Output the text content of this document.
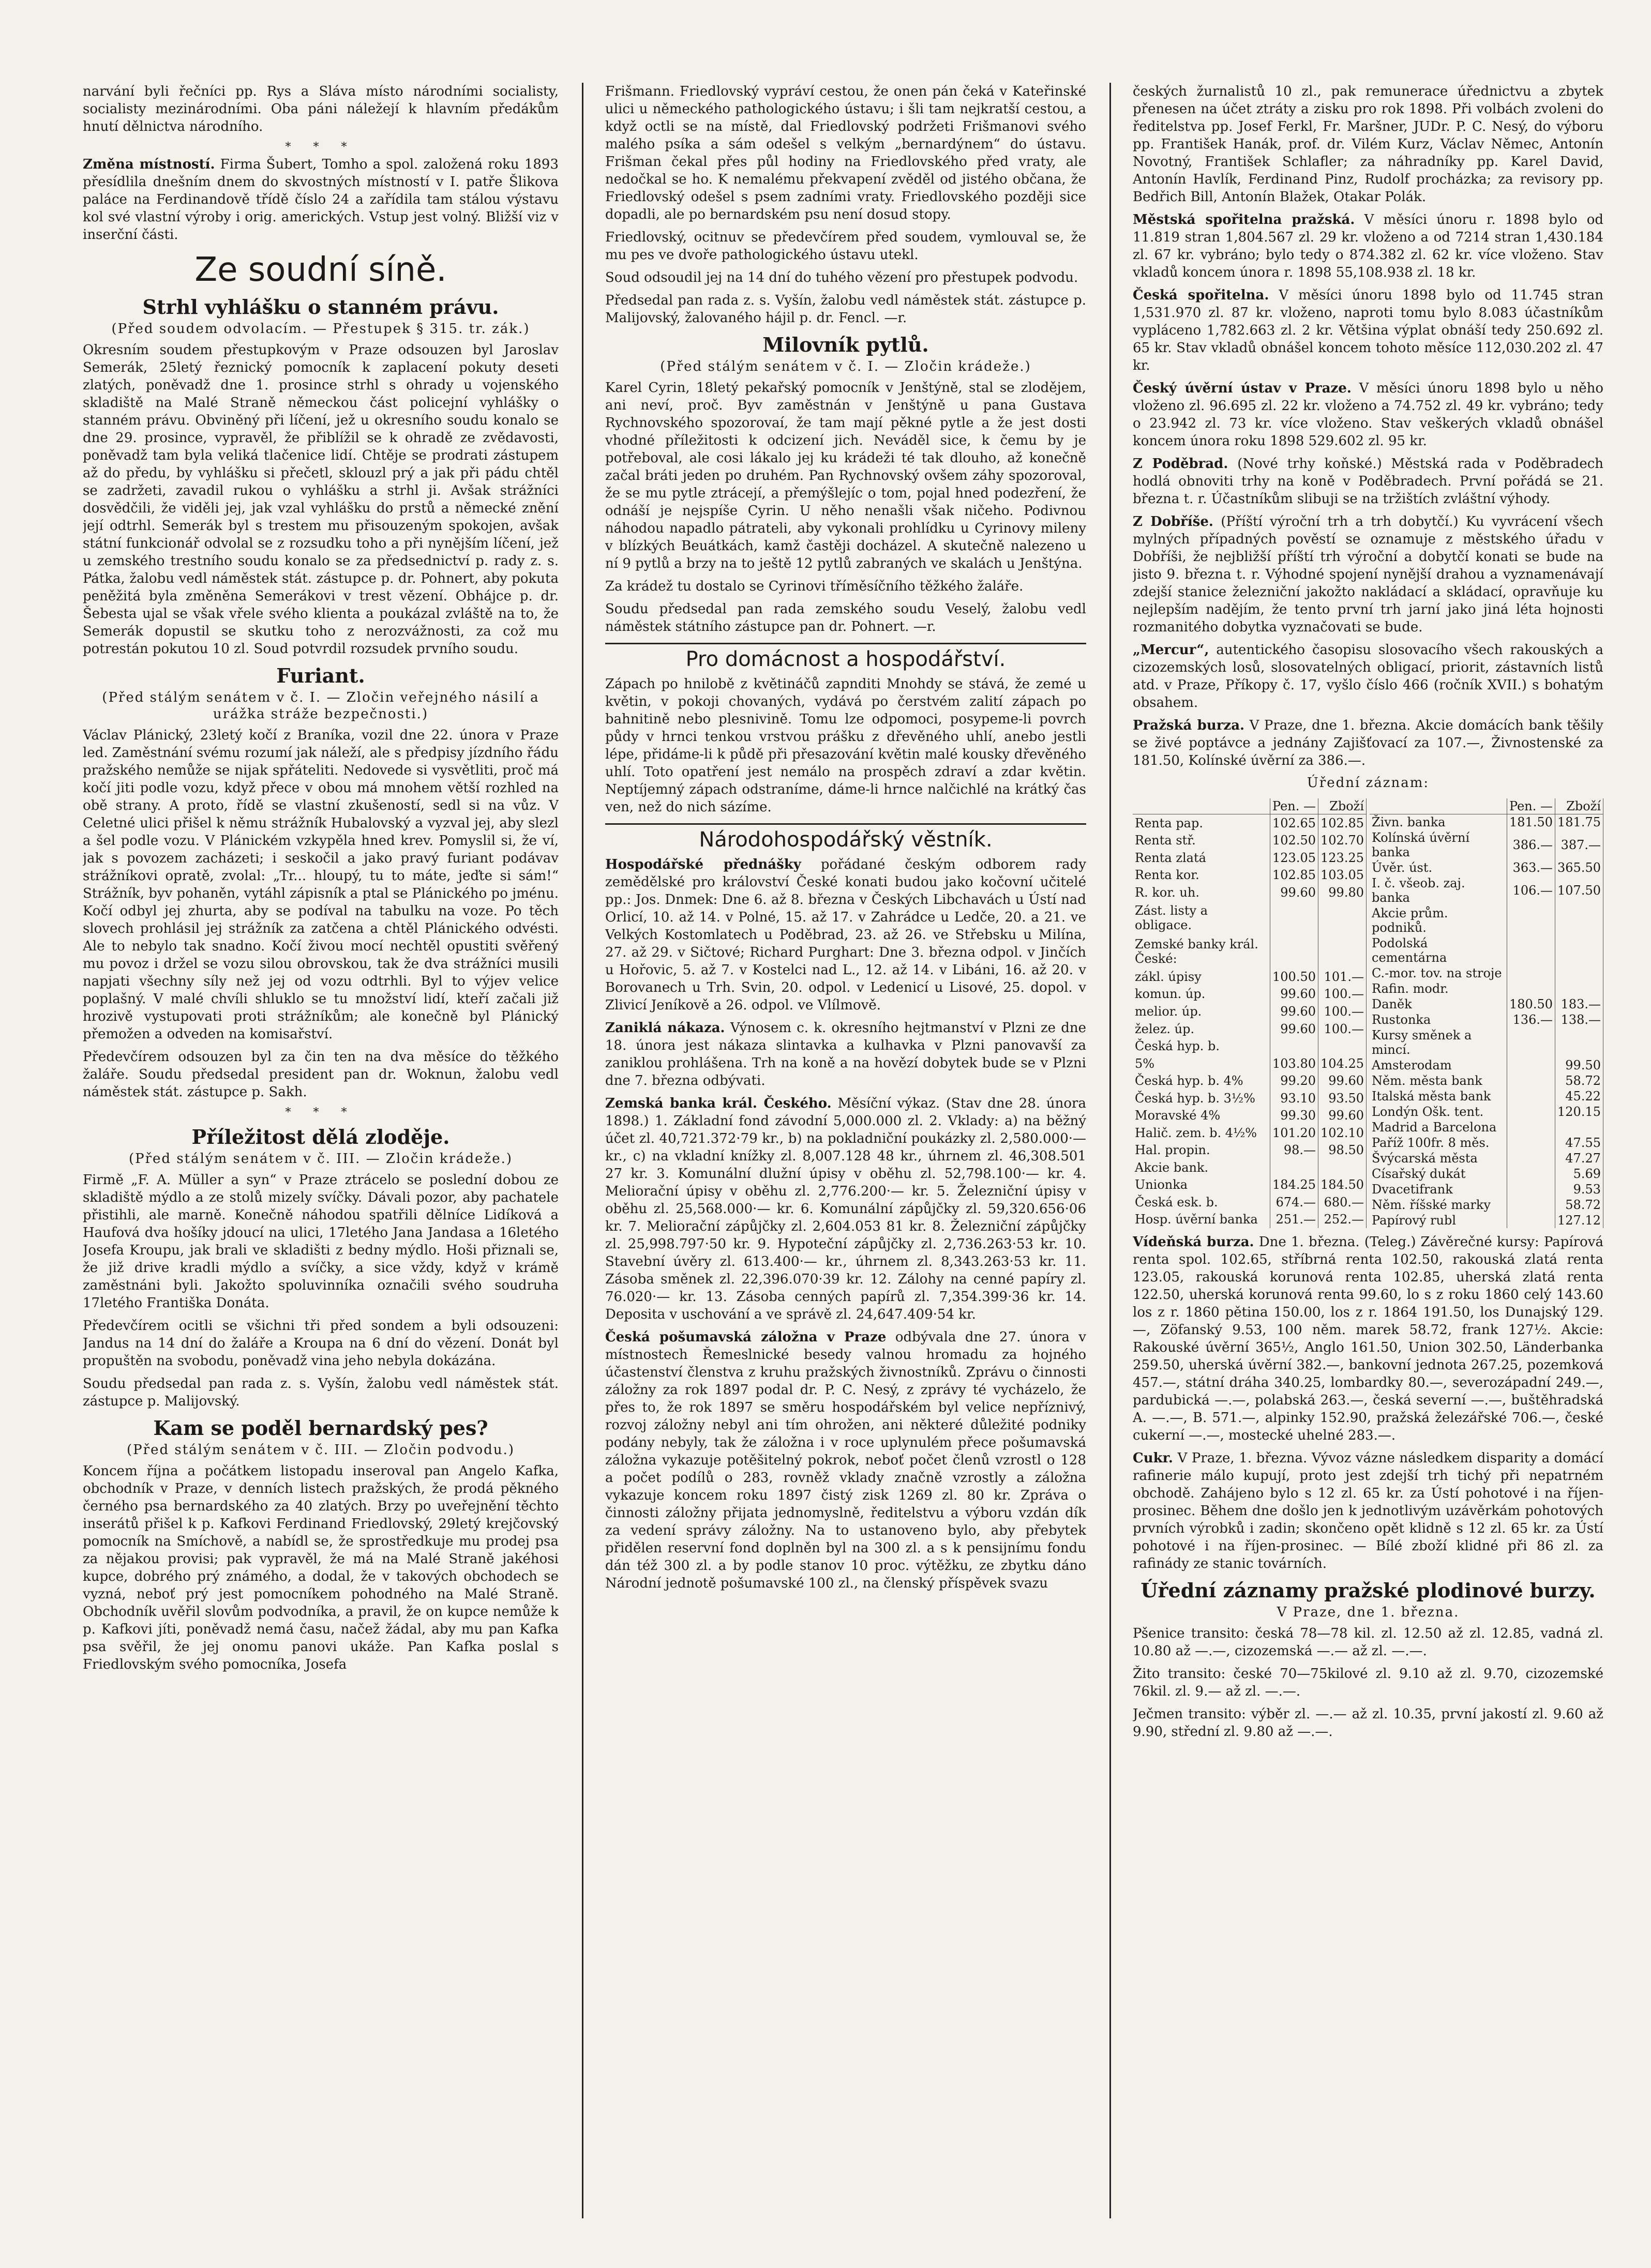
narvání byli řečníci pp. Rys a Sláva místo národními socialisty, socialisty mezinárodními. Oba páni náležejí k hlavním předákům hnutí dělnictva národního.

* * *

Změna místností. Firma Šubert, Tomho a spol. založená roku 1893 přesídlila dnešním dnem do skvostných místností v I. patře Šlikova paláce na Ferdinandově třídě číslo 24 a zařídila tam stálou výstavu kol své vlastní výroby i orig. amerických. Vstup jest volný. Bližší viz v inserční části.

Ze soudní síně.
Strhl vyhlášku o stanném právu.
(Před soudem odvolacím. — Přestupek § 315. tr. zák.)

Okresním soudem přestupkovým v Praze odsouzen byl Jaroslav Semerák, 25letý řeznický pomocník k zaplacení pokuty deseti zlatých, poněvadž dne 1. prosince strhl s ohrady u vojenského skladiště na Malé Straně německou část policejní vyhlášky o stanném právu. Obviněný při líčení, jež u okresního soudu konalo se dne 29. prosince, vypravěl, že přiblížil se k ohradě ze zvědavosti, poněvadž tam byla veliká tlačenice lidí. Chtěje se prodrati zástupem až do předu, by vyhlášku si přečetl, sklouzl prý a jak při pádu chtěl se zadržeti, zavadil rukou o vyhlášku a strhl ji. Avšak strážníci dosvědčili, že viděli jej, jak vzal vyhlášku do prstů a německé znění její odtrhl. Semerák byl s trestem mu přisouzeným spokojen, avšak státní funkcionář odvolal se z rozsudku toho a při nynějším líčení, jež u zemského trestního soudu konalo se za předsednictví p. rady z. s. Pátka, žalobu vedl náměstek stát. zástupce p. dr. Pohnert, aby pokuta peněžitá byla změněna Semerákovi v trest vězení. Obhájce p. dr. Šebesta ujal se však vřele svého klienta a poukázal zvláště na to, že Semerák dopustil se skutku toho z nerozvážnosti, za což mu potrestán pokutou 10 zl. Soud potvrdil rozsudek prvního soudu.

Furiant.
(Před stálým senátem v č. I. — Zločin veřejného násilí a urážka stráže bezpečnosti.)

Václav Plánický, 23letý kočí z Braníka, vozil dne 22. února v Praze led. Zaměstnání svému rozumí jak náleží, ale s předpisy jízdního řádu pražského nemůže se nijak spřáteliti. Nedovede si vysvětliti, proč má kočí jiti podle vozu, když přece v obou má mnohem větší rozhled na obě strany. A proto, řídě se vlastní zkušeností, sedl si na vůz. V Celetné ulici přišel k němu strážník Hubalovský a vyzval jej, aby slezl a šel podle vozu. V Plánickém vzkypěla hned krev. Pomyslil si, že ví, jak s povozem zacházeti; i seskočil a jako pravý furiant podávav strážníkovi opratě, zvolal: „Tr... hloupý, tu to máte, jeďte si sám!“ Strážník, byv pohaněn, vytáhl zápisník a ptal se Plánického po jménu. Kočí odbyl jej zhurta, aby se podíval na tabulku na voze. Po těch slovech prohlásil jej strážník za zatčena a chtěl Plánického odvésti. Ale to nebylo tak snadno. Kočí živou mocí nechtěl opustiti svěřený mu povoz i držel se vozu silou obrovskou, tak že dva strážníci musili napjati všechny síly než jej od vozu odtrhli. Byl to výjev velice poplašný. V malé chvíli shluklo se tu množství lidí, kteří začali již hrozivě vystupovati proti strážníkům; ale konečně byl Plánický přemožen a odveden na komisařství.

Předevčírem odsouzen byl za čin ten na dva měsíce do těžkého žaláře. Soudu předsedal president pan dr. Woknun, žalobu vedl náměstek stát. zástupce p. Sakh.

* * *
Příležitost dělá zloděje.
(Před stálým senátem v č. III. — Zločin krádeže.)

Firmě „F. A. Müller a syn“ v Praze ztrácelo se poslední dobou ze skladiště mýdlo a ze stolů mizely svíčky. Dávali pozor, aby pachatele přistihli, ale marně. Konečně náhodou spatřili dělníce Lidíková a Haufová dva hošíky jdoucí na ulici, 17letého Jana Jandasa a 16letého Josefa Kroupu, jak brali ve skladišti z bedny mýdlo. Hoši přiznali se, že již drive kradli mýdlo a svíčky, a sice vždy, když v krámě zaměstnáni byli. Jakožto spoluvinníka označili svého soudruha 17letého Františka Donáta.

Předevčírem ocitli se všichni tři před sondem a byli odsouzeni: Jandus na 14 dní do žaláře a Kroupa na 6 dní do vězení. Donát byl propuštěn na svobodu, poněvadž vina jeho nebyla dokázána.

Soudu předsedal pan rada z. s. Vyšín, žalobu vedl náměstek stát. zástupce p. Malijovský.

Kam se poděl bernardský pes?
(Před stálým senátem v č. III. — Zločin podvodu.)

Koncem října a počátkem listopadu inseroval pan Angelo Kafka, obchodník v Praze, v denních listech pražských, že prodá pěkného černého psa bernardského za 40 zlatých. Brzy po uveřejnění těchto inserátů přišel k p. Kafkovi Ferdinand Friedlovský, 29letý krejčovský pomocník na Smíchově, a nabídl se, že sprostředkuje mu prodej psa za nějakou provisi; pak vypravěl, že má na Malé Straně jakéhosi kupce, dobrého prý známého, a dodal, že v takových obchodech se vyzná, neboť prý jest pomocníkem pohodného na Malé Straně. Obchodník uvěřil slovům podvodníka, a pravil, že on kupce nemůže k p. Kafkovi jíti, poněvadž nemá času, načež žádal, aby mu pan Kafka psa svěřil, že jej onomu panovi ukáže. Pan Kafka poslal s Friedlovským svého pomocníka, Josefa

Frišmann. Friedlovský vypráví cestou, že onen pán čeká v Kateřinské ulici u německého pathologického ústavu; i šli tam nejkratší cestou, a když octli se na místě, dal Friedlovský podržeti Frišmanovi svého malého psíka a sám odešel s velkým „bernardýnem“ do ústavu. Frišman čekal přes půl hodiny na Friedlovského před vraty, ale nedočkal se ho. K nemalému překvapení zvěděl od jistého občana, že Friedlovský odešel s psem zadními vraty. Friedlovského později sice dopadli, ale po bernardském psu není dosud stopy.

Friedlovský, ocitnuv se předevčírem před soudem, vymlouval se, že mu pes ve dvoře pathologického ústavu utekl.

Soud odsoudil jej na 14 dní do tuhého vězení pro přestupek podvodu.

Předsedal pan rada z. s. Vyšín, žalobu vedl náměstek stát. zástupce p. Malijovský, žalovaného hájil p. dr. Fencl. —r.

Milovník pytlů.
(Před stálým senátem v č. I. — Zločin krádeže.)

Karel Cyrin, 18letý pekařský pomocník v Jenštýně, stal se zlodějem, ani neví, proč. Byv zaměstnán v Jenštýně u pana Gustava Rychnovského spozorovaí, že tam mají pěkné pytle a že jest dosti vhodné příležitosti k odcizení jich. Neváděl sice, k čemu by je potřeboval, ale cosi lákalo jej ku krádeži té tak dlouho, až konečně začal bráti jeden po druhém. Pan Rychnovský ovšem záhy spozoroval, že se mu pytle ztrácejí, a přemýšlejíc o tom, pojal hned podezření, že odnáší je nejspíše Cyrin. U něho nenašli však ničeho. Podivnou náhodou napadlo pátrateli, aby vykonali prohlídku u Cyrinovy mileny v blízkých Beuátkách, kamž častěji docházel. A skutečně nalezeno u ní 9 pytlů a brzy na to ještě 12 pytlů zabraných ve skalách u Jenštýna.

Za krádež tu dostalo se Cyrinovi tříměsíčního těžkého žaláře.

Soudu předsedal pan rada zemského soudu Veselý, žalobu vedl náměstek státního zástupce pan dr. Pohnert. —r.

Pro domácnost a hospodářství.

Zápach po hnilobě z květináčů zapnditi Mnohdy se stává, že zemé u květin, v pokoji chovaných, vydává po čerstvém zalití zápach po bahnitině nebo plesnivině. Tomu lze odpomoci, posypeme-li povrch půdy v hrnci tenkou vrstvou prášku z dřevěného uhlí, anebo jestli lépe, přidáme-li k půdě při přesazování květin malé kousky dřevěného uhlí. Toto opatření jest nemálo na prospěch zdraví a zdar květin. Neptíjemný zápach odstraníme, dáme-li hrnce nalčichlé na krátký čas ven, než do nich sázíme.

Národohospodářský věstník.

Hospodářské přednášky pořádané českým odborem rady zemědělské pro království České konati budou jako kočovní učitelé pp.: Jos. Dnmek: Dne 6. až 8. března v Českých Libchavách u Ústí nad Orlicí, 10. až 14. v Polné, 15. až 17. v Zahrádce u Ledče, 20. a 21. ve Velkých Kostomlatech u Poděbrad, 23. až 26. ve Střebsku u Milína, 27. až 29. v Sičtové; Richard Purghart: Dne 3. března odpol. v Jinčích u Hořovic, 5. až 7. v Kostelci nad L., 12. až 14. v Libáni, 16. až 20. v Borovanech u Trh. Svin, 20. odpol. v Ledenicí u Lisové, 25. dopol. v Zlivicí Jeníkově a 26. odpol. ve Vlílmově.

Zaniklá nákaza. Výnosem c. k. okresního hejtmanství v Plzni ze dne 18. února jest nákaza slintavka a kulhavka v Plzni panovavší za zaniklou prohlášena. Trh na koně a na hovězí dobytek bude se v Plzni dne 7. března odbývati.

Zemská banka král. Českého. Měsíční výkaz. (Stav dne 28. února 1898.) 1. Základní fond závodní 5,000.000 zl. 2. Vklady: a) na běžný účet zl. 40,721.372·79 kr., b) na pokladniční poukázky zl. 2,580.000·— kr., c) na vkladní knížky zl. 8,007.128 48 kr., úhrnem zl. 46,308.501 27 kr. 3. Komunální dlužní úpisy v oběhu zl. 52,798.100·— kr. 4. Meliorační úpisy v oběhu zl. 2,776.200·— kr. 5. Železniční úpisy v oběhu zl. 25,568.000·— kr. 6. Komunální zápůjčky zl. 59,320.656·06 kr. 7. Meliorační zápůjčky zl. 2,604.053 81 kr. 8. Železniční zápůjčky zl. 25,998.797·50 kr. 9. Hypoteční zápůjčky zl. 2,736.263·53 kr. 10. Stavební úvěry zl. 613.400·— kr., úhrnem zl. 8,343.263·53 kr. 11. Zásoba směnek zl. 22,396.070·39 kr. 12. Zálohy na cenné papíry zl. 76.020·— kr. 13. Zásoba cenných papírů zl. 7,354.399·36 kr. 14. Deposita v uschování a ve správě zl. 24,647.409·54 kr.

Česká pošumavská záložna v Praze odbývala dne 27. února v místnostech Řemeslnické besedy valnou hromadu za hojného účastenství členstva z kruhu pražských živnostníků. Zprávu o činnosti záložny za rok 1897 podal dr. P. C. Nesý, z zprávy té vycházelo, že přes to, že rok 1897 se směru hospodářském byl velice nepříznivý, rozvoj záložny nebyl ani tím ohrožen, ani některé důležité podniky podány nebyly, tak že záložna i v roce uplynulém přece pošumavská záložna vykazuje potěšitelný pokrok, neboť počet členů vzrostl o 128 a počet podílů o 283, rovněž vklady značně vzrostly a záložna vykazuje koncem roku 1897 čistý zisk 1269 zl. 80 kr. Zpráva o činnosti záložny přijata jednomyslně, ředitelstvu a výboru vzdán dík za vedení správy záložny. Na to ustanoveno bylo, aby přebytek přidělen reservní fond doplněn byl na 300 zl. a s k pensijnímu fondu dán též 300 zl. a by podle stanov 10 proc. výtěžku, ze zbytku dáno Národní jednotě pošumavské 100 zl., na členský příspěvek svazu

českých žurnalistů 10 zl., pak remunerace úřednictvu a zbytek přenesen na účet ztráty a zisku pro rok 1898. Při volbách zvoleni do ředitelstva pp. Josef Ferkl, Fr. Maršner, JUDr. P. C. Nesý, do výboru pp. František Hanák, prof. dr. Vilém Kurz, Václav Němec, Antonín Novotný, František Schlafler; za náhradníky pp. Karel David, Antonín Havlík, Ferdinand Pinz, Rudolf procházka; za revisory pp. Bedřich Bill, Antonín Blažek, Otakar Polák.

Městská spořitelna pražská. V měsíci únoru r. 1898 bylo od 11.819 stran 1,804.567 zl. 29 kr. vloženo a od 7214 stran 1,430.184 zl. 67 kr. vybráno; bylo tedy o 874.382 zl. 62 kr. více vloženo. Stav vkladů koncem února r. 1898 55,108.938 zl. 18 kr.

Česká spořitelna. V měsíci únoru 1898 bylo od 11.745 stran 1,531.970 zl. 87 kr. vloženo, naproti tomu bylo 8.083 účastníkům vypláceno 1,782.663 zl. 2 kr. Většina výplat obnáší tedy 250.692 zl. 65 kr. Stav vkladů obnášel koncem tohoto měsíce 112,030.202 zl. 47 kr.

Český úvěrní ústav v Praze. V měsíci únoru 1898 bylo u něho vloženo zl. 96.695 zl. 22 kr. vloženo a 74.752 zl. 49 kr. vybráno; tedy o 23.942 zl. 73 kr. více vloženo. Stav veškerých vkladů obnášel koncem února roku 1898 529.602 zl. 95 kr.

Z Poděbrad. (Nové trhy koňské.) Městská rada v Poděbradech hodlá obnoviti trhy na koně v Poděbradech. První pořádá se 21. března t. r. Účastníkům slibuji se na tržištích zvláštní výhody.

Z Dobříše. (Příští výroční trh a trh dobytčí.) Ku vyvrácení všech mylných případných pověstí se oznamuje z městského úřadu v Dobříši, že nejbližší příští trh výroční a dobytčí konati se bude na jisto 9. března t. r. Výhodné spojení nynější drahou a vyznamenávají zdejší stanice železniční jakožto nakládací a skládací, opravňuje ku nejlepším nadějím, že tento první trh jarní jako jiná léta hojnosti rozmanitého dobytka vyznačovati se bude.

„Mercur“, autentického časopisu slosovacího všech rakouských a cizozemských losů, slosovatelných obligací, priorit, zástavních listů atd. v Praze, Příkopy č. 17, vyšlo číslo 466 (ročník XVII.) s bohatým obsahem.

Pražská burza. V Praze, dne 1. března. Akcie domácích bank těšily se živé poptávce a jednány Zajišťovací za 107.—, Živnostenské za 181.50, Kolínské úvěrní za 386.—.

Úřední záznam:
	Pen. —	Zboží
Renta pap.	102.65	102.85
Renta stř.	102.50	102.70
Renta zlatá	123.05	123.25
Renta kor.	102.85	103.05
R. kor. uh.	99.60	99.80
Zást. listy a obligace.		
Zemské banky král. České:		
zákl. úpisy	100.50	101.—
komun. úp.	99.60	100.—
melior. úp.	99.60	100.—
želez. úp.	99.60	100.—
Česká hyp. b.		
5%	103.80	104.25
Česká hyp. b. 4%	99.20	99.60
Česká hyp. b. 3½%	93.10	93.50
Moravské 4%	99.30	99.60
Halič. zem. b. 4½%	101.20	102.10
Hal. propin.	98.—	98.50
Akcie bank.		
Unionka	184.25	184.50
Česká esk. b.	674.—	680.—
Hosp. úvěrní banka	251.—	252.—
	Pen. —	Zboží
Živn. banka	181.50	181.75
Kolínská úvěrní banka	386.—	387.—
Úvěr. úst.	363.—	365.50
I. č. všeob. zaj. banka	106.—	107.50
Akcie prům. podniků.		
Podolská cementárna		
C.-mor. tov. na stroje		
Rafin. modr.		
Daněk	180.50	183.—
Rustonka	136.—	138.—
Kursy směnek a mincí.		
Amsterodam		99.50
Něm. města bank		58.72
Italská města bank		45.22
Londýn Ošk. tent.		120.15
Madrid a Barcelona		
Paříž 100fr. 8 měs.		47.55
Švýcarská města		47.27
Císařský dukát		5.69
Dvacetifrank		9.53
Něm. říšské marky		58.72
Papírový rubl		127.12

Vídeňská burza. Dne 1. března. (Teleg.) Závěrečné kursy: Papírová renta spol. 102.65, stříbrná renta 102.50, rakouská zlatá renta 123.05, rakouská korunová renta 102.85, uherská zlatá renta 122.50, uherská korunová renta 99.60, lo s z roku 1860 celý 143.60 los z r. 1860 pětina 150.00, los z r. 1864 191.50, los Dunajský 129.—, Zöfanský 9.53, 100 něm. marek 58.72, frank 127½. Akcie: Rakouské úvěrní 365½, Anglo 161.50, Union 302.50, Länderbanka 259.50, uherská úvěrní 382.—, bankovní jednota 267.25, pozemková 457.—, státní dráha 340.25, lombardky 80.—, severozápadní 249.—, pardubická —.—, polabská 263.—, česká severní —.—, buštěhradská A. —.—, B. 571.—, alpinky 152.90, pražská železářské 706.—, české cukerní —.—, mostecké uhelné 283.—.

Cukr. V Praze, 1. března. Vývoz vázne následkem disparity a domácí rafinerie málo kupují, proto jest zdejší trh tichý při nepatrném obchodě. Zahájeno bylo s 12 zl. 65 kr. za Ústí pohotové i na říjen-prosinec. Během dne došlo jen k jednotlivým uzávěrkám pohotových prvních výrobků i zadin; skončeno opět klidně s 12 zl. 65 kr. za Ústí pohotové i na říjen-prosinec. — Bílé zboží klidné při 86 zl. za rafinády ze stanic továrních.

Úřední záznamy pražské plodinové burzy.
V Praze, dne 1. března.

Pšenice transito: česká 78—78 kil. zl. 12.50 až zl. 12.85, vadná zl. 10.80 až —.—, cizozemská —.— až zl. —.—.

Žito transito: české 70—75kilové zl. 9.10 až zl. 9.70, cizozemské 76kil. zl. 9.— až zl. —.—.

Ječmen transito: výběr zl. —.— až zl. 10.35, první jakostí zl. 9.60 až 9.90, střední zl. 9.80 až —.—.
